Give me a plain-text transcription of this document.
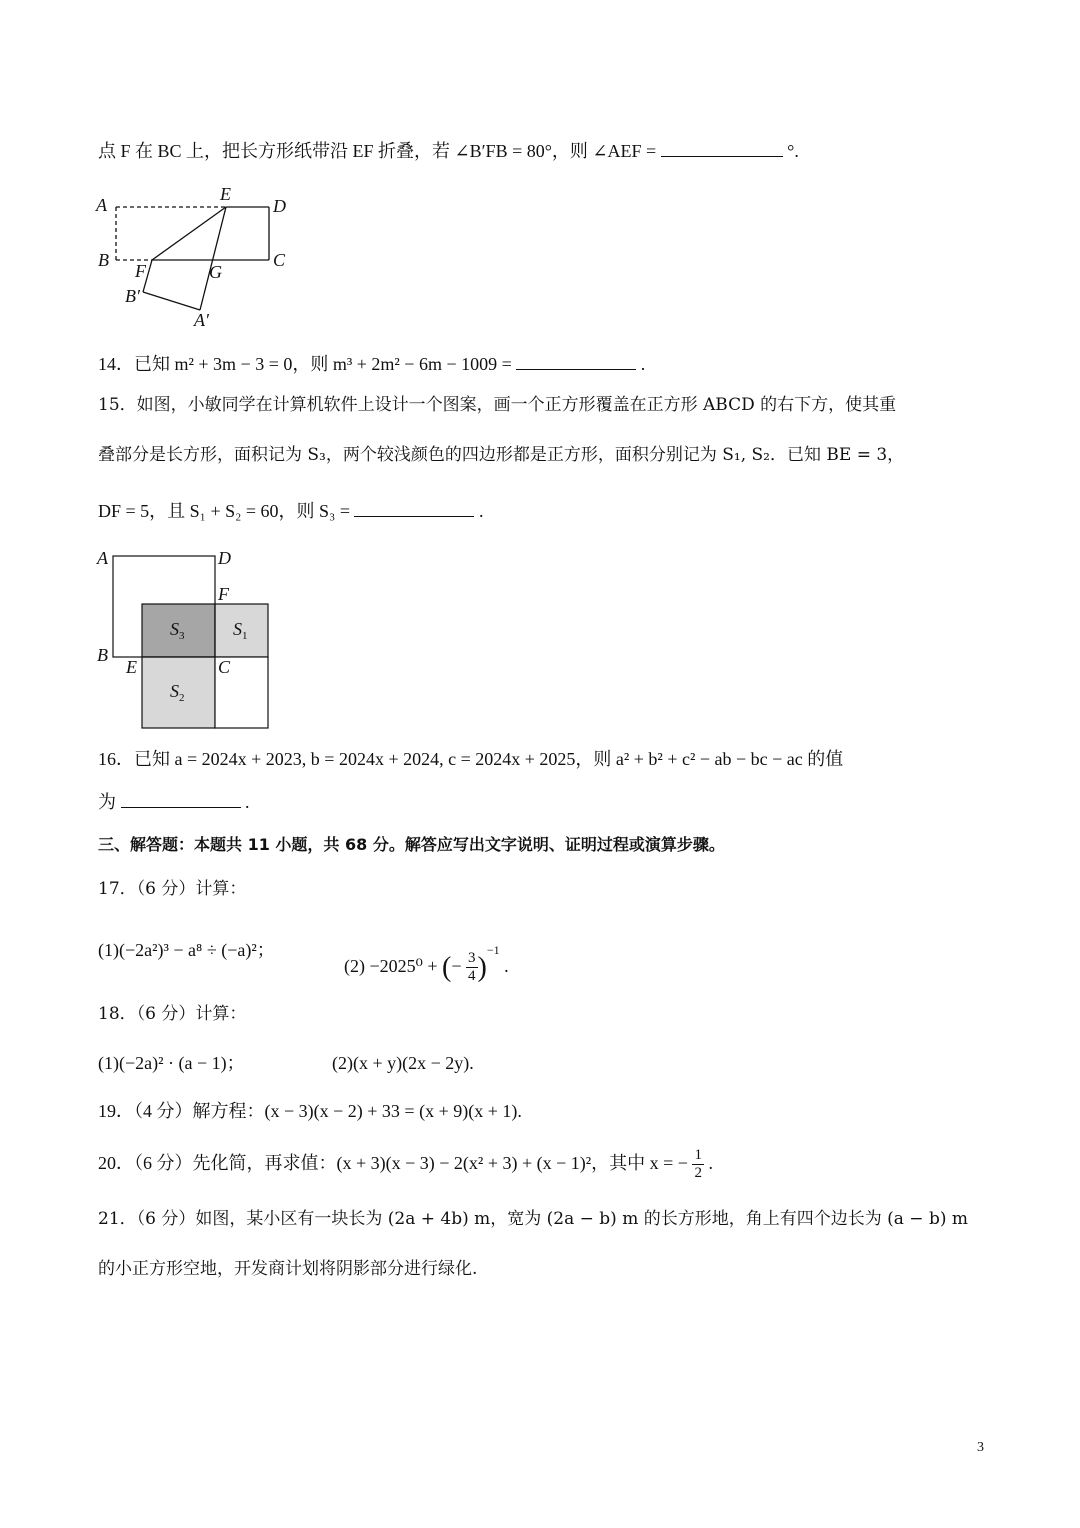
点 F 在 BC 上，把长方形纸带沿 EF 折叠，若 ∠B′FB = 80°，则 ∠AEF =	°.
A
E
D
B
F	G
C
B′
A′
14．已知 m² + 3m − 3 = 0，则 m³ + 2m² − 6m − 1009 =	.
15．如图，小敏同学在计算机软件上设计一个图案，画一个正方形覆盖在正方形 ABCD 的右下方，使其重
叠部分是长方形，面积记为 S₃，两个较浅颜色的四边形都是正方形，面积分别记为 S₁, S₂．已知 BE = 3，
DF = 5，且 S₁ + S₂ = 60，则 S₃ =	.
A	D
F
B
E	C
$S_3$	$S_1$
$S_2$
16．已知 a = 2024x + 2023, b = 2024x + 2024, c = 2024x + 2025，则 a² + b² + c² − ab − bc − ac 的值
为	.
三、解答题：本题共 11 小题，共 68 分。解答应写出文字说明、证明过程或演算步骤。
17．（6 分）计算：
(1)(−2a²)³ − a⁸ ÷ (−a)²；
(2) −2025⁰ + (− $\frac{3}{4} )^{-1}$ .
18．（6 分）计算：
(1)(−2a)² · (a − 1)；	(2)(x + y)(2x − 2y).
19．（4 分）解方程：(x − 3)(x − 2) + 33 = (x + 9)(x + 1).
20．（6 分）先化简，再求值：(x + 3)(x − 3) − 2(x² + 3) + (x − 1)²，其中 x = − $\frac{1}{2}$ .
21．（6 分）如图，某小区有一块长为 (2a + 4b) m，宽为 (2a − b) m 的长方形地，角上有四个边长为 (a − b) m
的小正方形空地，开发商计划将阴影部分进行绿化.
3
